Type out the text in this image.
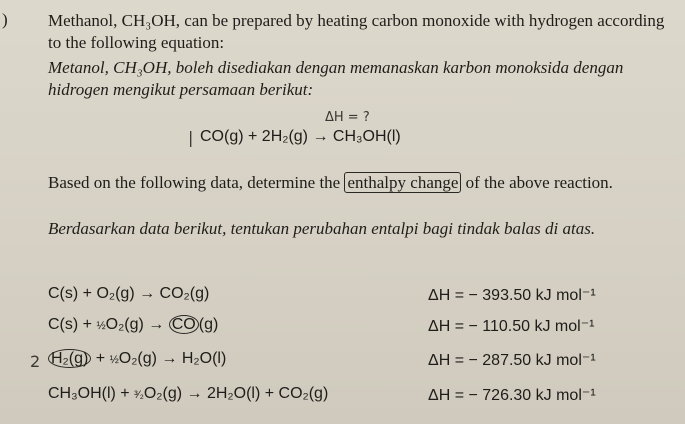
) Methanol, CH₃OH, can be prepared by heating carbon monoxide with hydrogen according to the following equation:
Metanol, CH₃OH, boleh disediakan dengan memanaskan karbon monoksida dengan hidrogen mengikut persamaan berikut:
ΔH = ?
| CO(g) + 2H₂(g) → CH₃OH(l)
Based on the following data, determine the enthalpy change of the above reaction.
Berdasarkan data berikut, tentukan perubahan entalpi bagi tindak balas di atas.
C(s) + O₂(g) → CO₂(g)	ΔH = − 393.50 kJ mol⁻¹
C(s) + ½O₂(g) → CO (g)	ΔH = − 110.50 kJ mol⁻¹
2 H₂(g) + ½O₂(g) → H₂O(l)	ΔH = − 287.50 kJ mol⁻¹
CH₃OH(l) + ³⁄₂O₂(g) → 2H₂O(l) + CO₂(g)	ΔH = − 726.30 kJ mol⁻¹
